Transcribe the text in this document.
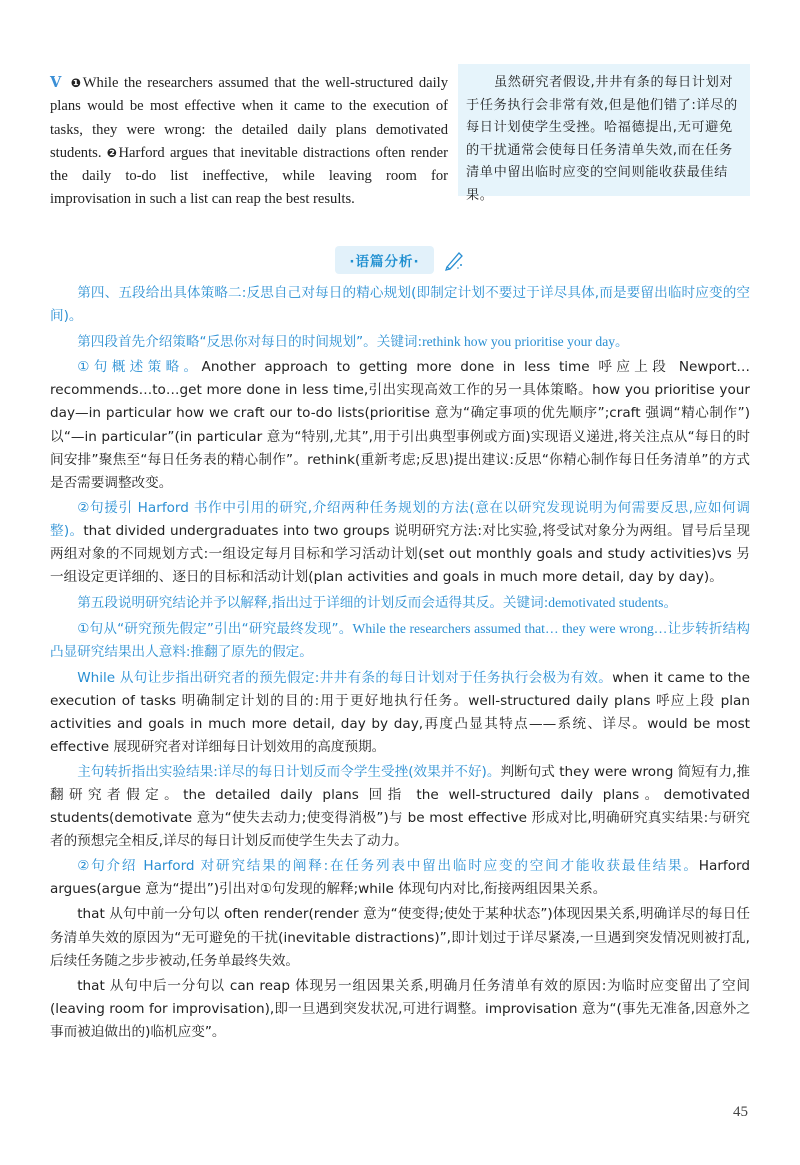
Ⅴ ❶While the researchers assumed that the well-structured daily plans would be most effective when it came to the execution of tasks, they were wrong: the detailed daily plans demotivated students. ❷Harford argues that inevitable distractions often render the daily to-do list ineffective, while leaving room for improvisation in such a list can reap the best results.
虽然研究者假设,井井有条的每日计划对于任务执行会非常有效,但是他们错了:详尽的每日计划使学生受挫。哈福德提出,无可避免的干扰通常会使每日任务清单失效,而在任务清单中留出临时应变的空间则能收获最佳结果。
·语篇分析·

第四、五段给出具体策略二:反思自己对每日的精心规划(即制定计划不要过于详尽具体,而是要留出临时应变的空间)。

第四段首先介绍策略“反思你对每日的时间规划”。关键词:rethink how you prioritise your day。

①句概述策略。Another approach to getting more done in less time 呼应上段 Newport… recommends…to…get more done in less time,引出实现高效工作的另一具体策略。how you prioritise your day—in particular how we craft our to-do lists(prioritise 意为“确定事项的优先顺序”;craft 强调“精心制作”)以“—in particular”(in particular 意为“特别,尤其”,用于引出典型事例或方面)实现语义递进,将关注点从“每日的时间安排”聚焦至“每日任务表的精心制作”。rethink(重新考虑;反思)提出建议:反思“你精心制作每日任务清单”的方式是否需要调整改变。

②句援引 Harford 书作中引用的研究,介绍两种任务规划的方法(意在以研究发现说明为何需要反思,应如何调整)。that divided undergraduates into two groups 说明研究方法:对比实验,将受试对象分为两组。冒号后呈现两组对象的不同规划方式:一组设定每月目标和学习活动计划(set out monthly goals and study activities)vs 另一组设定更详细的、逐日的目标和活动计划(plan activities and goals in much more detail, day by day)。

第五段说明研究结论并予以解释,指出过于详细的计划反而会适得其反。关键词:demotivated students。

①句从“研究预先假定”引出“研究最终发现”。While the researchers assumed that… they were wrong…让步转折结构凸显研究结果出人意料:推翻了原先的假定。

While 从句让步指出研究者的预先假定:井井有条的每日计划对于任务执行会极为有效。when it came to the execution of tasks 明确制定计划的目的:用于更好地执行任务。well-structured daily plans 呼应上段 plan activities and goals in much more detail, day by day,再度凸显其特点——系统、详尽。would be most effective 展现研究者对详细每日计划效用的高度预期。

主句转折指出实验结果:详尽的每日计划反而令学生受挫(效果并不好)。判断句式 they were wrong 简短有力,推翻研究者假定。the detailed daily plans 回指 the well-structured daily plans。demotivated students(demotivate 意为“使失去动力;使变得消极”)与 be most effective 形成对比,明确研究真实结果:与研究者的预想完全相反,详尽的每日计划反而使学生失去了动力。

②句介绍 Harford 对研究结果的阐释:在任务列表中留出临时应变的空间才能收获最佳结果。Harford argues(argue 意为“提出”)引出对①句发现的解释;while 体现句内对比,衔接两组因果关系。

that 从句中前一分句以 often render(render 意为“使变得;使处于某种状态”)体现因果关系,明确详尽的每日任务清单失效的原因为“无可避免的干扰(inevitable distractions)”,即计划过于详尽紧凑,一旦遇到突发情况则被打乱,后续任务随之步步被动,任务单最终失效。

that 从句中后一分句以 can reap 体现另一组因果关系,明确月任务清单有效的原因:为临时应变留出了空间(leaving room for improvisation),即一旦遇到突发状况,可进行调整。improvisation 意为“(事先无准备,因意外之事而被迫做出的)临机应变”。

45
